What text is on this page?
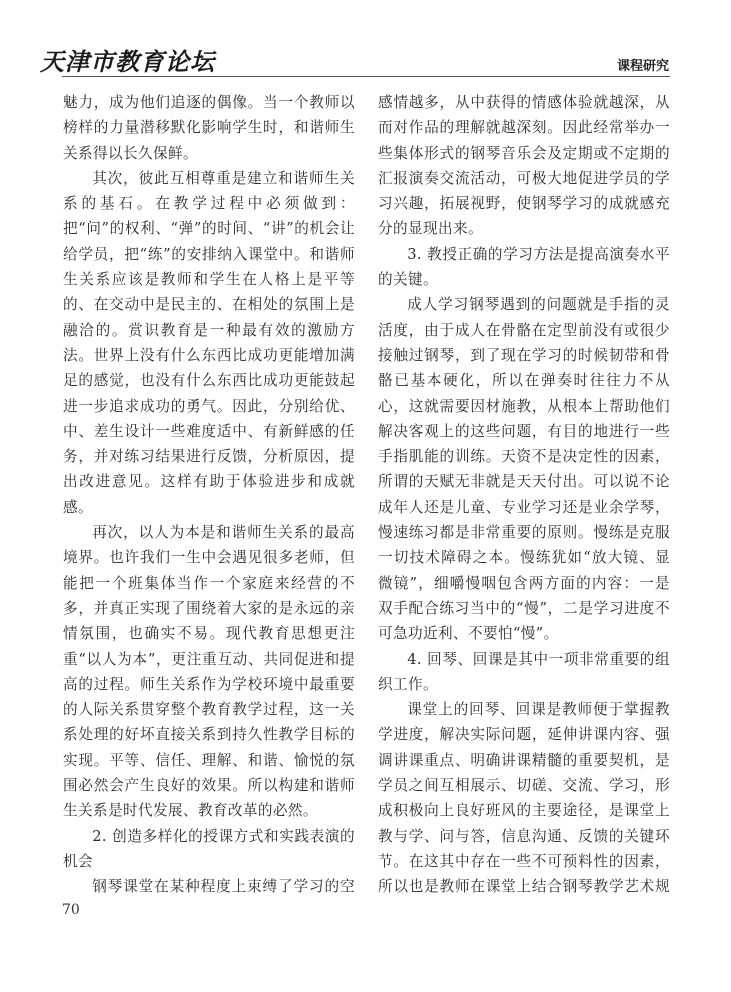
天津市教育论坛	课程研究

魅力，成为他们追逐的偶像。当一个教师以榜样的力量潜移默化影响学生时，和谐师生关系得以长久保鲜。

其次，彼此互相尊重是建立和谐师生关系的基石。在教学过程中必须做到：把“问”的权利、“弹”的时间、“讲”的机会让给学员，把“练”的安排纳入课堂中。和谐师生关系应该是教师和学生在人格上是平等的、在交动中是民主的、在相处的氛围上是融洽的。赏识教育是一种最有效的激励方法。世界上没有什么东西比成功更能增加满足的感觉，也没有什么东西比成功更能鼓起进一步追求成功的勇气。因此，分别给优、中、差生设计一些难度适中、有新鲜感的任务，并对练习结果进行反馈，分析原因，提出改进意见。这样有助于体验进步和成就感。

再次，以人为本是和谐师生关系的最高境界。也许我们一生中会遇见很多老师，但能把一个班集体当作一个家庭来经营的不多，并真正实现了围绕着大家的是永远的亲情氛围，也确实不易。现代教育思想更注重“以人为本”，更注重互动、共同促进和提高的过程。师生关系作为学校环境中最重要的人际关系贯穿整个教育教学过程，这一关系处理的好坏直接关系到持久性教学目标的实现。平等、信任、理解、和谐、愉悦的氛围必然会产生良好的效果。所以构建和谐师生关系是时代发展、教育改革的必然。

2. 创造多样化的授课方式和实践表演的机会

钢琴课堂在某种程度上束缚了学习的空

感情越多，从中获得的情感体验就越深，从而对作品的理解就越深刻。因此经常举办一些集体形式的钢琴音乐会及定期或不定期的汇报演奏交流活动，可极大地促进学员的学习兴趣，拓展视野，使钢琴学习的成就感充分的显现出来。

3. 教授正确的学习方法是提高演奏水平的关键。

成人学习钢琴遇到的问题就是手指的灵活度，由于成人在骨骼在定型前没有或很少接触过钢琴，到了现在学习的时候韧带和骨骼已基本硬化，所以在弹奏时往往力不从心，这就需要因材施教，从根本上帮助他们解决客观上的这些问题，有目的地进行一些手指肌能的训练。天资不是决定性的因素，所谓的天赋无非就是天天付出。可以说不论成年人还是儿童、专业学习还是业余学琴，慢速练习都是非常重要的原则。慢练是克服一切技术障碍之本。慢练犹如“放大镜、显微镜”，细嚼慢咽包含两方面的内容：一是双手配合练习当中的“慢”，二是学习进度不可急功近利、不要怕“慢”。

4. 回琴、回课是其中一项非常重要的组织工作。

课堂上的回琴、回课是教师便于掌握教学进度，解决实际问题，延伸讲课内容、强调讲课重点、明确讲课精髓的重要契机，是学员之间互相展示、切磋、交流、学习，形成积极向上良好班风的主要途径，是课堂上教与学、问与答，信息沟通、反馈的关键环节。在这其中存在一些不可预料性的因素，所以也是教师在课堂上结合钢琴教学艺术规

70
